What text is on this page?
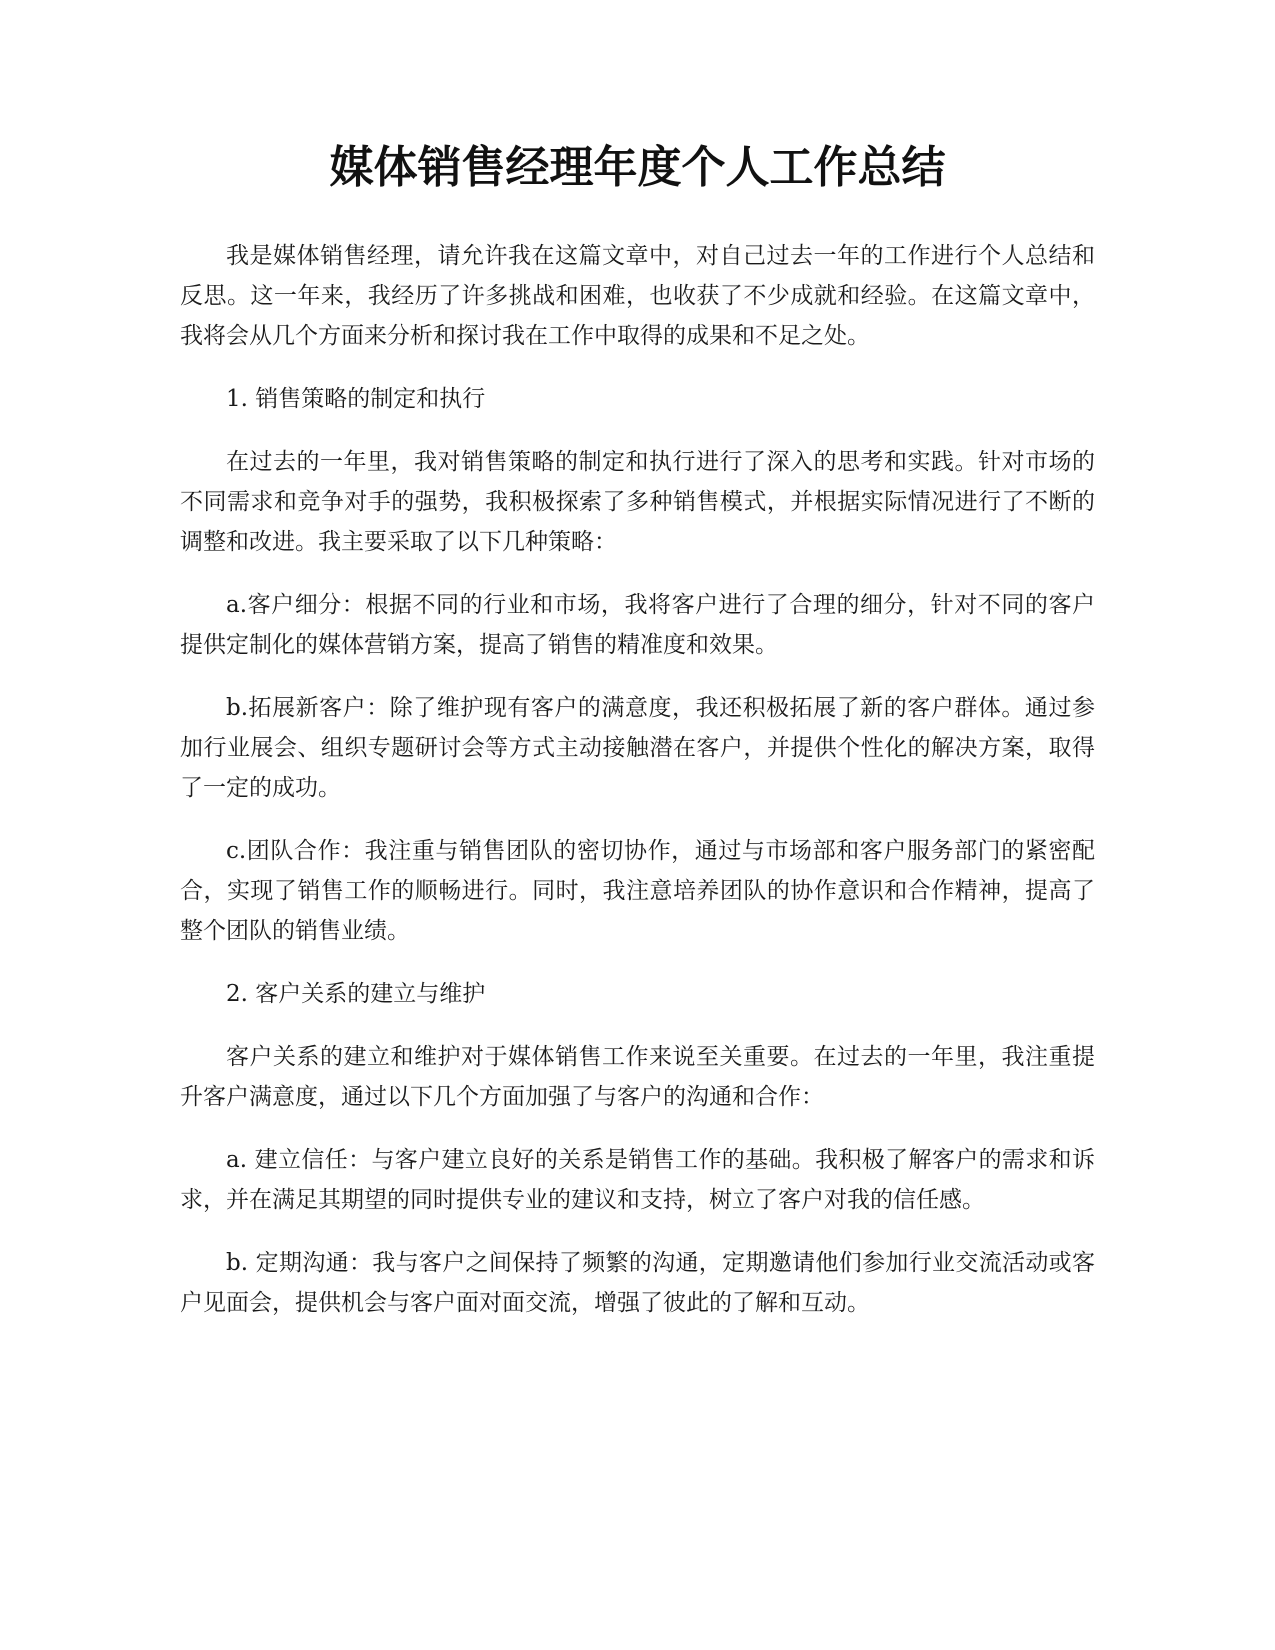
媒体销售经理年度个人工作总结

我是媒体销售经理，请允许我在这篇文章中，对自己过去一年的工作进行个人总结和反思。这一年来，我经历了许多挑战和困难，也收获了不少成就和经验。在这篇文章中，我将会从几个方面来分析和探讨我在工作中取得的成果和不足之处。

1. 销售策略的制定和执行

在过去的一年里，我对销售策略的制定和执行进行了深入的思考和实践。针对市场的不同需求和竞争对手的强势，我积极探索了多种销售模式，并根据实际情况进行了不断的调整和改进。我主要采取了以下几种策略：

a.客户细分：根据不同的行业和市场，我将客户进行了合理的细分，针对不同的客户提供定制化的媒体营销方案，提高了销售的精准度和效果。

b.拓展新客户：除了维护现有客户的满意度，我还积极拓展了新的客户群体。通过参加行业展会、组织专题研讨会等方式主动接触潜在客户，并提供个性化的解决方案，取得了一定的成功。

c.团队合作：我注重与销售团队的密切协作，通过与市场部和客户服务部门的紧密配合，实现了销售工作的顺畅进行。同时，我注意培养团队的协作意识和合作精神，提高了整个团队的销售业绩。

2. 客户关系的建立与维护

客户关系的建立和维护对于媒体销售工作来说至关重要。在过去的一年里，我注重提升客户满意度，通过以下几个方面加强了与客户的沟通和合作：

a. 建立信任：与客户建立良好的关系是销售工作的基础。我积极了解客户的需求和诉求，并在满足其期望的同时提供专业的建议和支持，树立了客户对我的信任感。

b. 定期沟通：我与客户之间保持了频繁的沟通，定期邀请他们参加行业交流活动或客户见面会，提供机会与客户面对面交流，增强了彼此的了解和互动。
